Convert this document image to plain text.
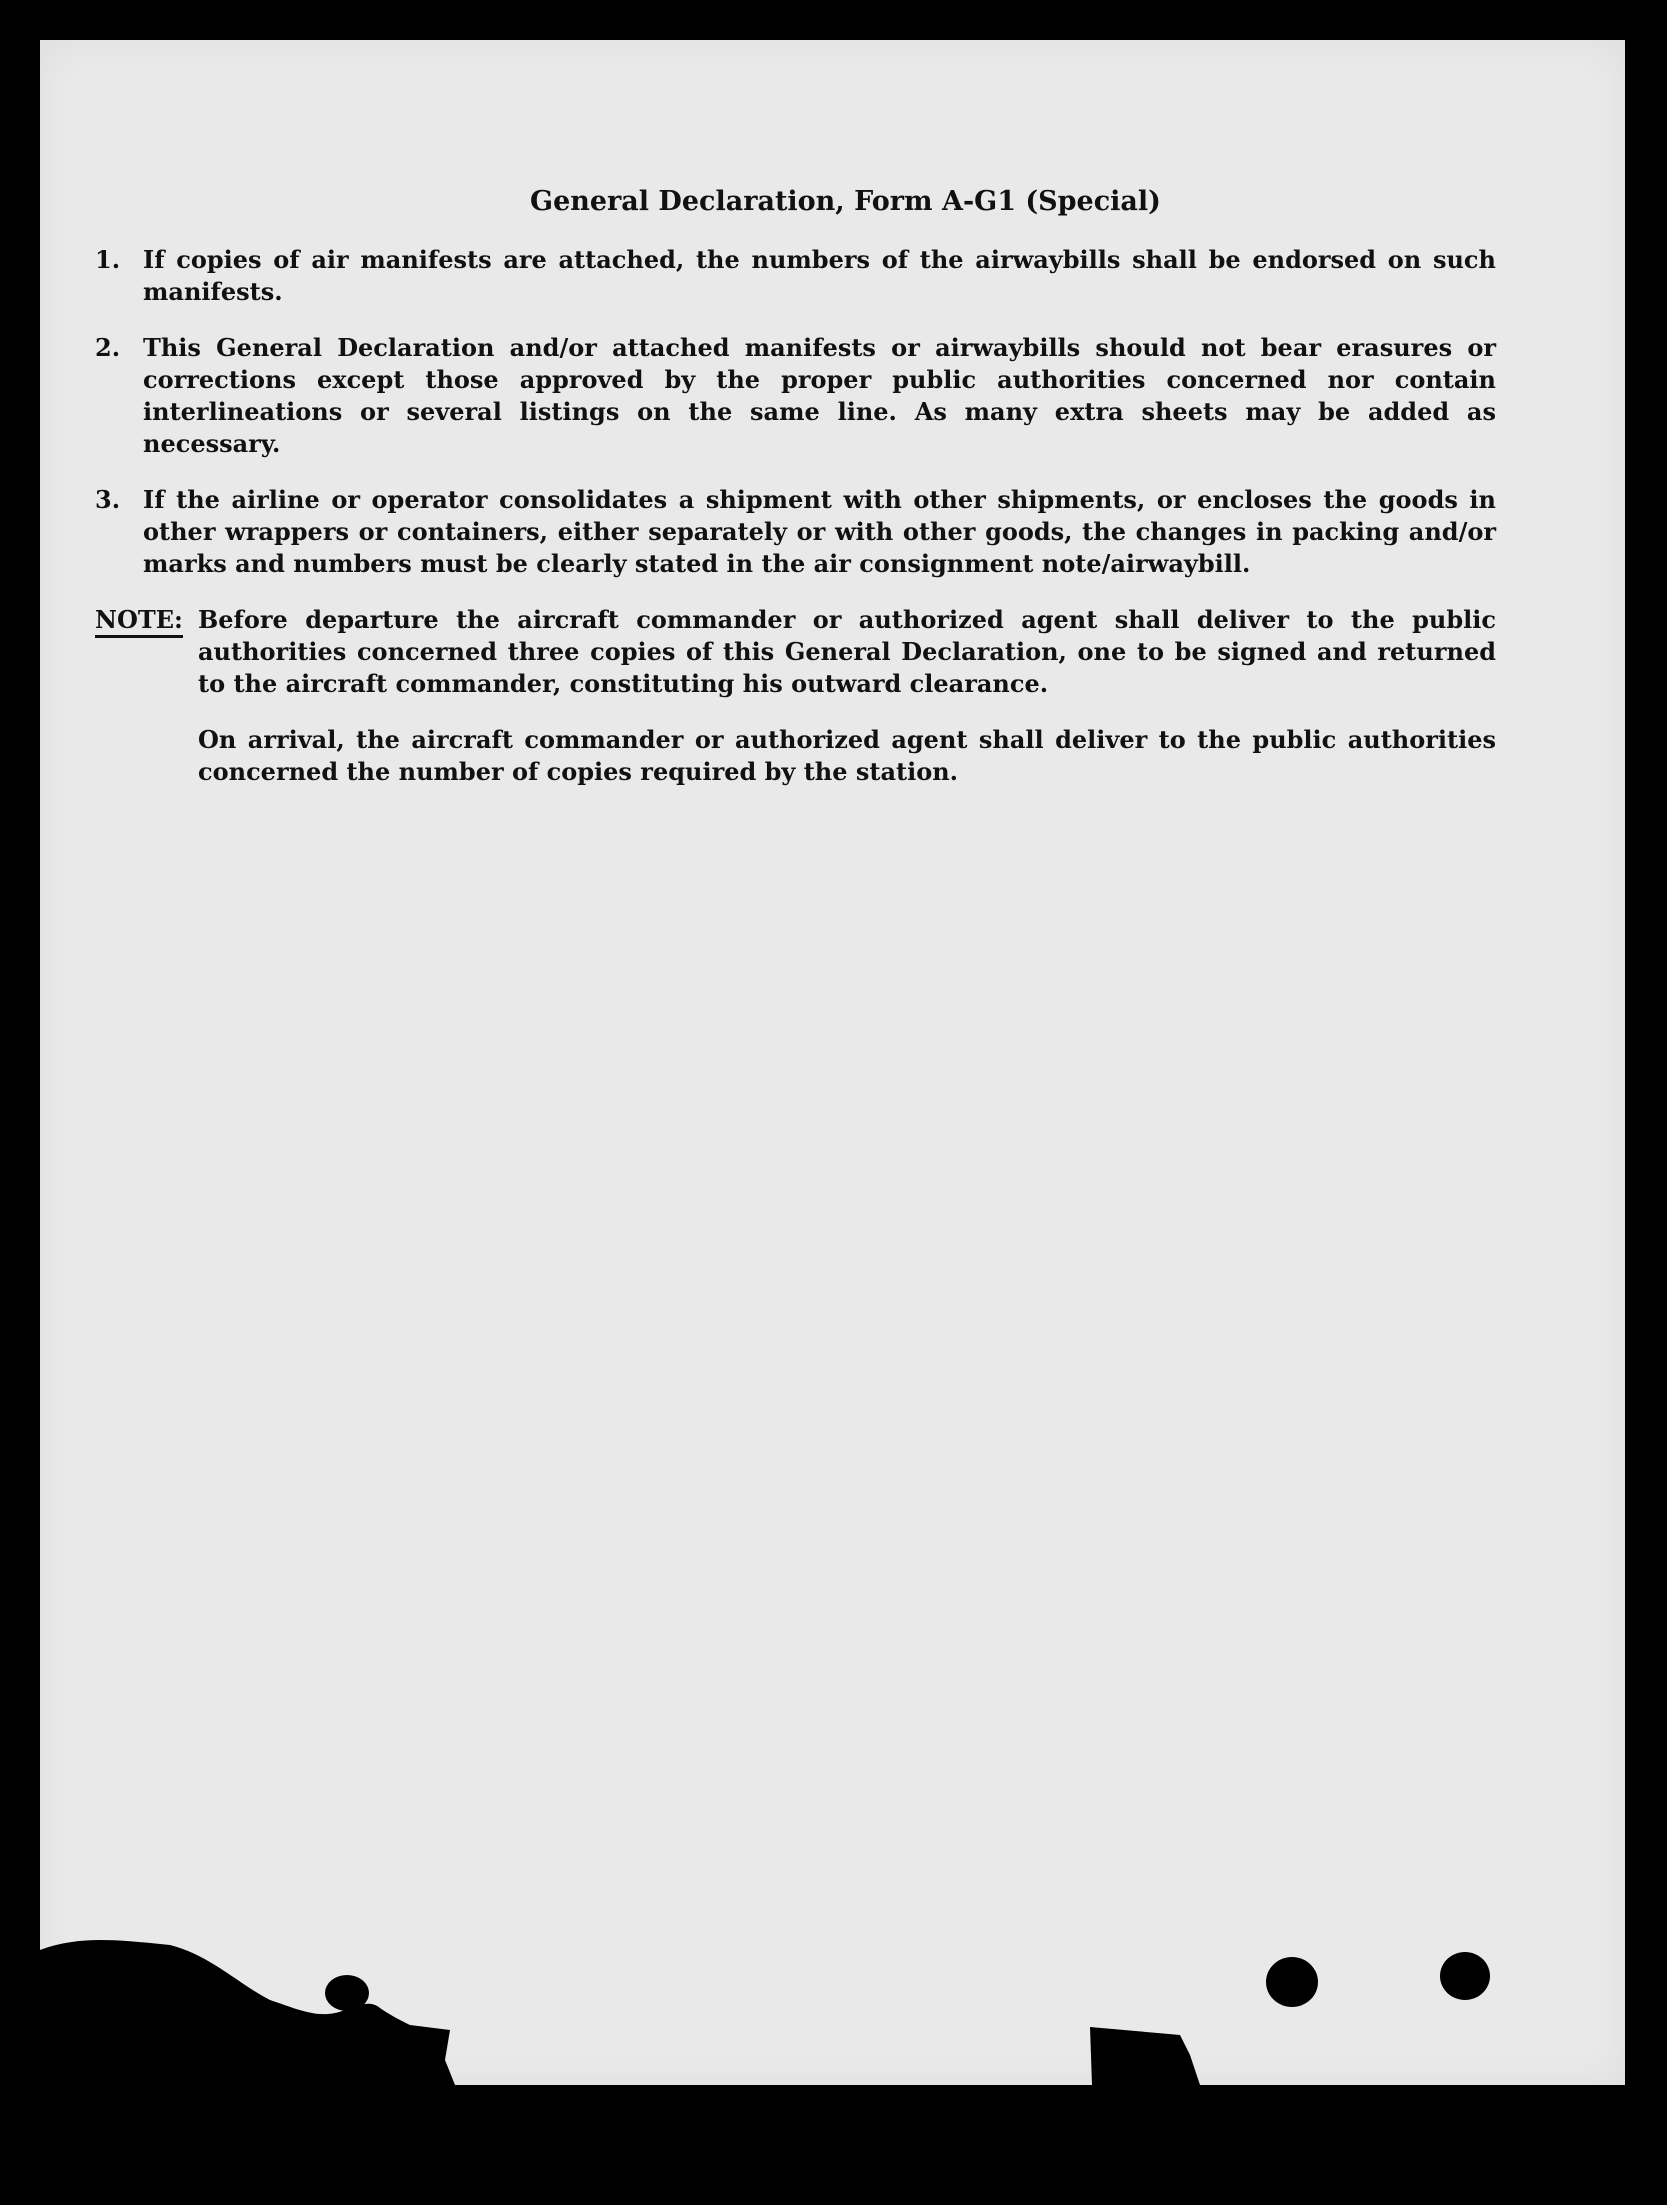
General Declaration, Form A-G1 (Special)
1. If copies of air manifests are attached, the numbers of the airwaybills shall be endorsed on such manifests.
2. This General Declaration and/or attached manifests or airwaybills should not bear erasures or corrections except those approved by the proper public authorities concerned nor contain interlineations or several listings on the same line. As many extra sheets may be added as necessary.
3. If the airline or operator consolidates a shipment with other shipments, or encloses the goods in other wrappers or containers, either separately or with other goods, the changes in packing and/or marks and numbers must be clearly stated in the air consignment note/airwaybill.
NOTE: Before departure the aircraft commander or authorized agent shall deliver to the public authorities concerned three copies of this General Declaration, one to be signed and returned to the aircraft commander, constituting his outward clearance.

On arrival, the aircraft commander or authorized agent shall deliver to the public authorities concerned the number of copies required by the station.
